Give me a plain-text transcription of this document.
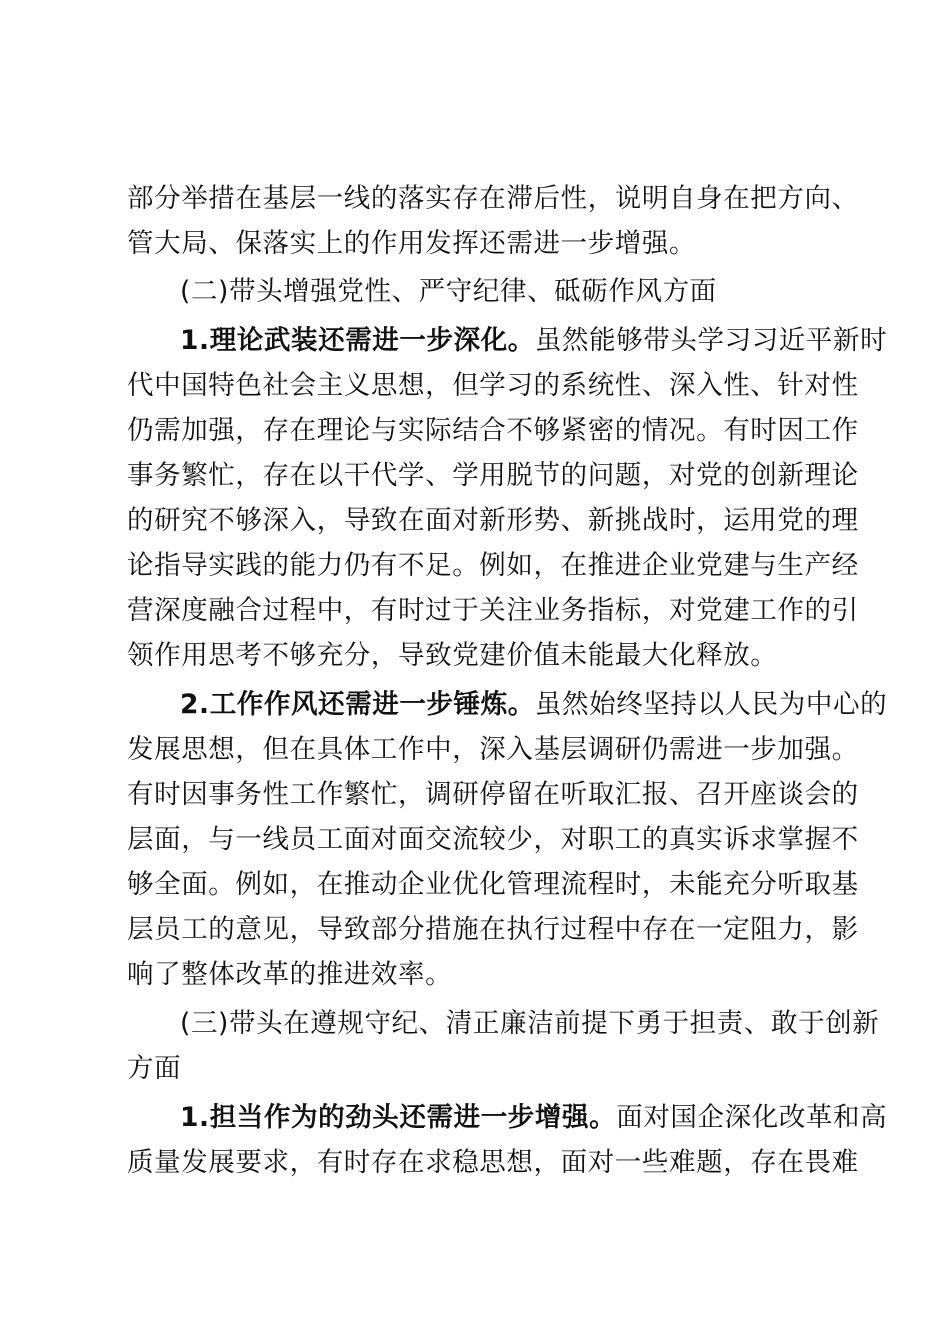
部分举措在基层一线的落实存在滞后性，说明自身在把方向、
管大局、保落实上的作用发挥还需进一步增强。
(二)带头增强党性、严守纪律、砥砺作风方面
1.理论武装还需进一步深化。虽然能够带头学习习近平新时
代中国特色社会主义思想，但学习的系统性、深入性、针对性
仍需加强，存在理论与实际结合不够紧密的情况。有时因工作
事务繁忙，存在以干代学、学用脱节的问题，对党的创新理论
的研究不够深入，导致在面对新形势、新挑战时，运用党的理
论指导实践的能力仍有不足。例如，在推进企业党建与生产经
营深度融合过程中，有时过于关注业务指标，对党建工作的引
领作用思考不够充分，导致党建价值未能最大化释放。
2.工作作风还需进一步锤炼。虽然始终坚持以人民为中心的
发展思想，但在具体工作中，深入基层调研仍需进一步加强。
有时因事务性工作繁忙，调研停留在听取汇报、召开座谈会的
层面，与一线员工面对面交流较少，对职工的真实诉求掌握不
够全面。例如，在推动企业优化管理流程时，未能充分听取基
层员工的意见，导致部分措施在执行过程中存在一定阻力，影
响了整体改革的推进效率。
(三)带头在遵规守纪、清正廉洁前提下勇于担责、敢于创新
方面
1.担当作为的劲头还需进一步增强。面对国企深化改革和高
质量发展要求，有时存在求稳思想，面对一些难题，存在畏难
